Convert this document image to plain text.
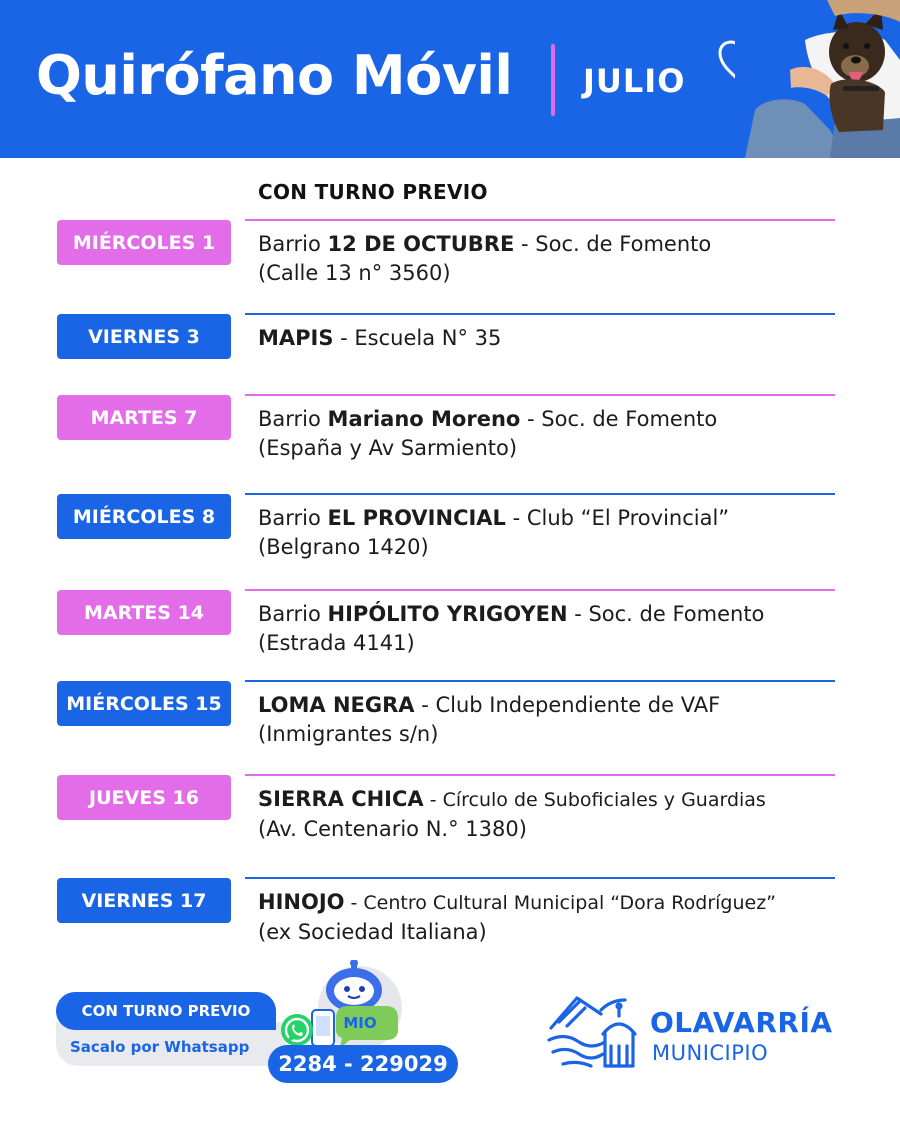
Quirófano Móvil JULIO
CON TURNO PREVIO
MIÉRCOLES 1	Barrio 12 DE OCTUBRE - Soc. de Fomento
(Calle 13 n° 3560)
VIERNES 3	MAPIS - Escuela N° 35
MARTES 7	Barrio Mariano Moreno - Soc. de Fomento
(España y Av Sarmiento)
MIÉRCOLES 8	Barrio EL PROVINCIAL - Club “El Provincial”
(Belgrano 1420)
MARTES 14	Barrio HIPÓLITO YRIGOYEN - Soc. de Fomento
(Estrada 4141)
MIÉRCOLES 15	LOMA NEGRA - Club Independiente de VAF
(Inmigrantes s/n)
JUEVES 16	SIERRA CHICA - Círculo de Suboficiales y Guardias
(Av. Centenario N.° 1380)
VIERNES 17	HINOJO - Centro Cultural Municipal “Dora Rodríguez”
(ex Sociedad Italiana)
Sacalo por Whatsapp
CON TURNO PREVIO
MIO
2284 - 229029
OLAVARRÍA
MUNICIPIO
